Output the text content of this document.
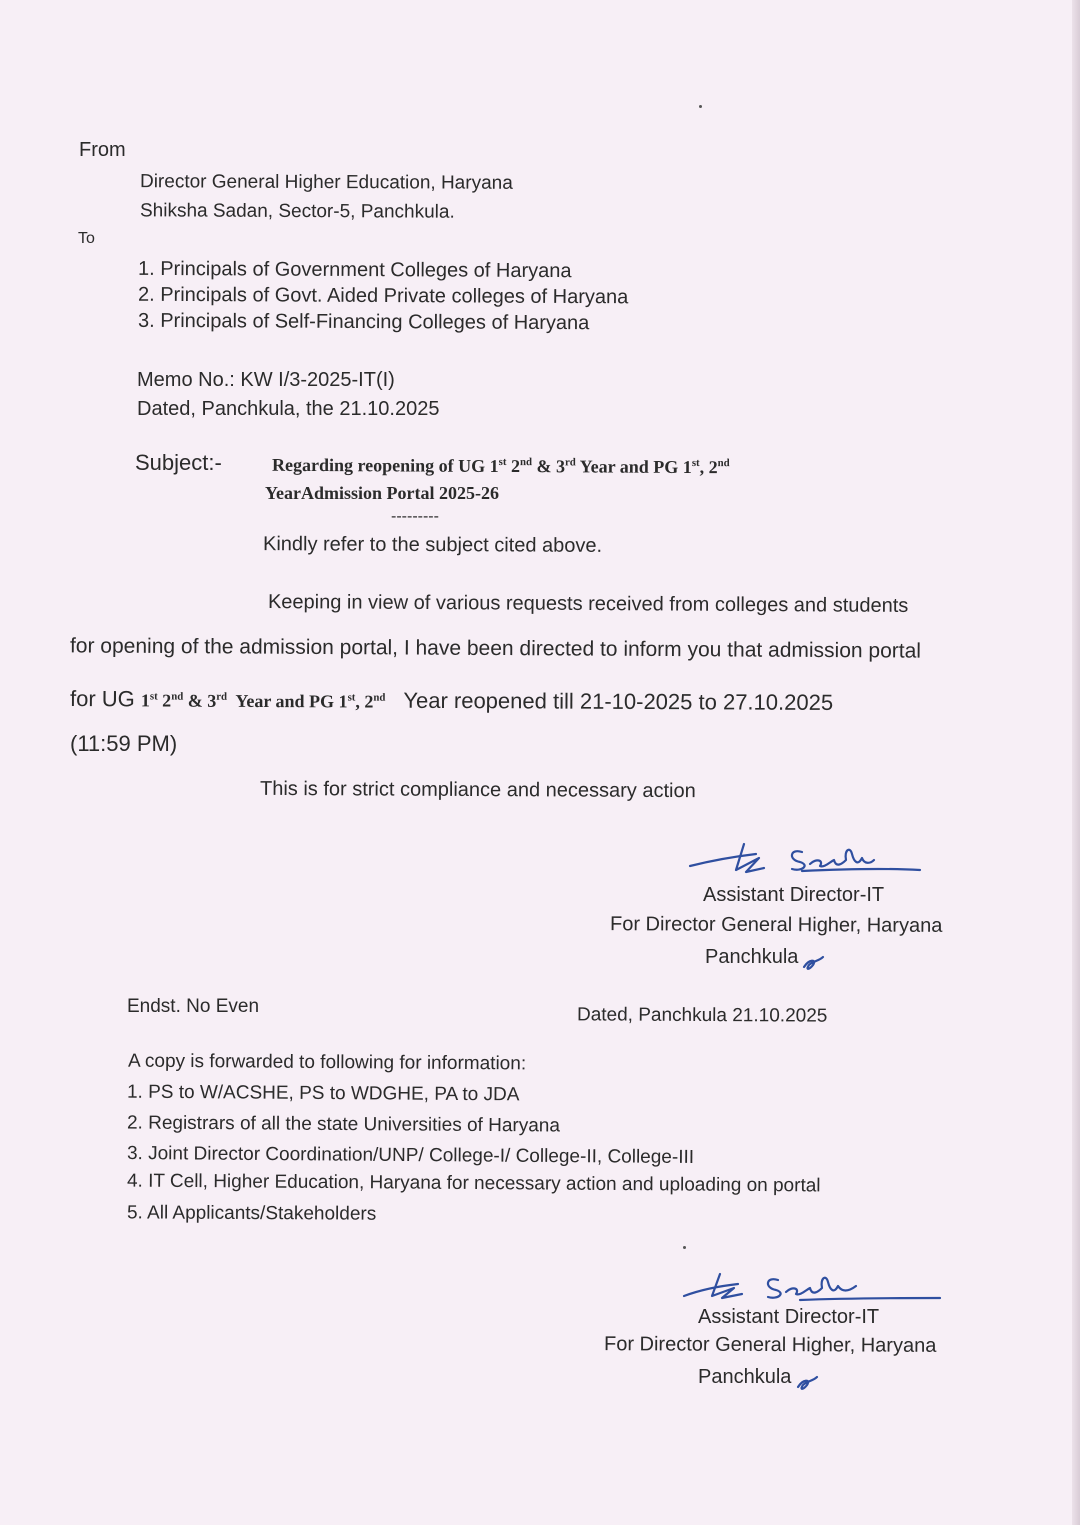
From
Director General Higher Education, Haryana
Shiksha Sadan, Sector-5, Panchkula.
To
1. Principals of Government Colleges of Haryana
2. Principals of Govt. Aided Private colleges of Haryana
3. Principals of Self-Financing Colleges of Haryana
Memo No.: KW I/3-2025-IT(I)
Dated, Panchkula, the 21.10.2025
Subject:-	Regarding reopening of UG 1st 2nd & 3rd Year and PG 1st, 2nd
YearAdmission Portal 2025-26
---------
Kindly refer to the subject cited above.
Keeping in view of various requests received from colleges and students
for opening of the admission portal, I have been directed to inform you that admission portal
for UG 1st 2nd & 3rd Year and PG 1st, 2nd Year reopened till 21-10-2025 to 27.10.2025
(11:59 PM)
This is for strict compliance and necessary action
Assistant Director-IT
For Director General Higher, Haryana
Panchkula
Endst. No Even	Dated, Panchkula 21.10.2025
A copy is forwarded to following for information:
1. PS to W/ACSHE, PS to WDGHE, PA to JDA
2. Registrars of all the state Universities of Haryana
3. Joint Director Coordination/UNP/ College-I/ College-II, College-III
4. IT Cell, Higher Education, Haryana for necessary action and uploading on portal
5. All Applicants/Stakeholders
Assistant Director-IT
For Director General Higher, Haryana
Panchkula
